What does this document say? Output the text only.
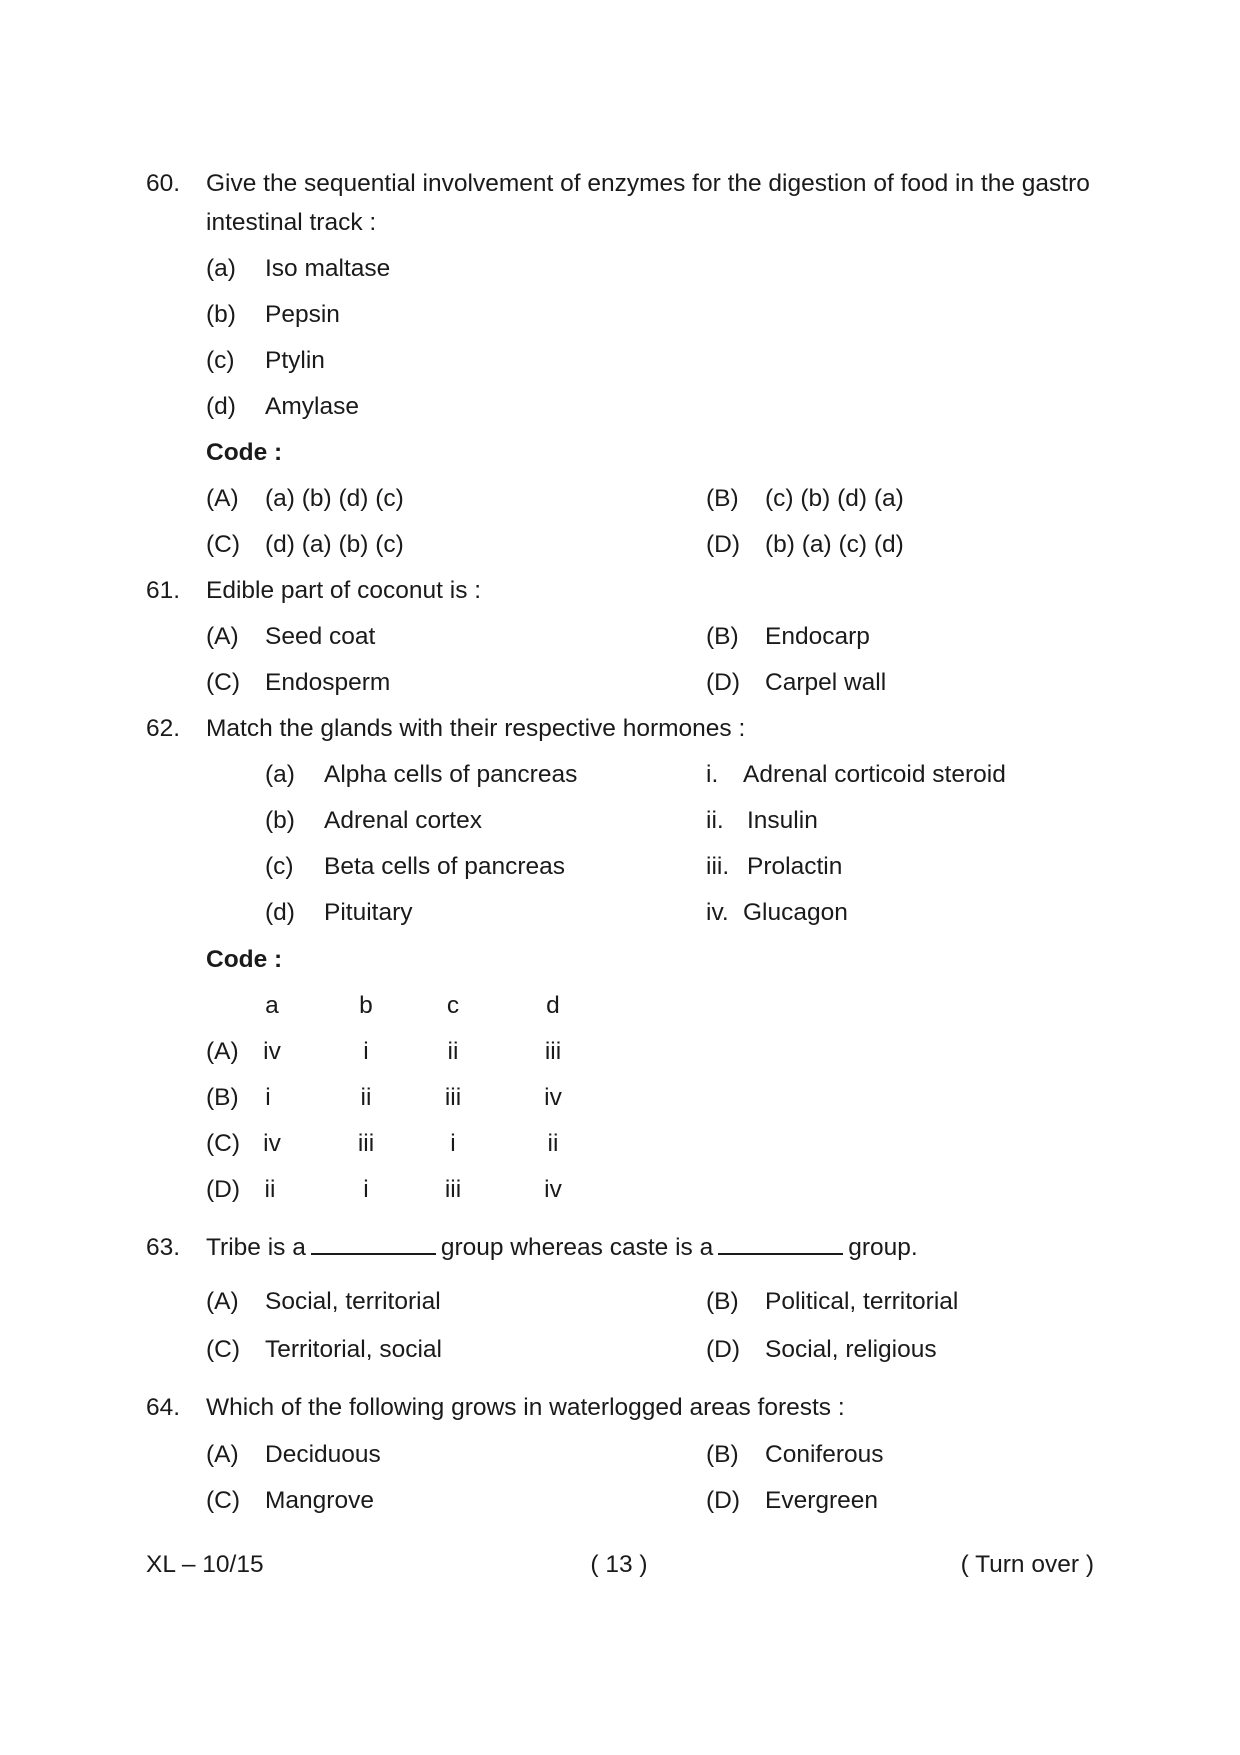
60. Give the sequential involvement of enzymes for the digestion of food in the gastro
intestinal track :
(a) Iso maltase
(b) Pepsin
(c) Ptylin
(d) Amylase
Code :
(A) (a) (b) (d) (c)	(B) (c) (b) (d) (a)
(C) (d) (a) (b) (c)	(D) (b) (a) (c) (d)
61. Edible part of coconut is :
(A) Seed coat	(B) Endocarp
(C) Endosperm	(D) Carpel wall
62. Match the glands with their respective hormones :
(a) Alpha cells of pancreas	i. Adrenal corticoid steroid
(b) Adrenal cortex	ii. Insulin
(c) Beta cells of pancreas	iii. Prolactin
(d) Pituitary	iv. Glucagon
Code :
a	b	c	d
(A) iv	i	ii	iii
(B) i	ii	iii	iv
(C) iv	iii	i	ii
(D) ii	i	iii	iv
63. Tribe is a	group whereas caste is a	group.
(A) Social, territorial	(B) Political, territorial
(C) Territorial, social	(D) Social, religious
64. Which of the following grows in waterlogged areas forests :
(A) Deciduous	(B) Coniferous
(C) Mangrove	(D) Evergreen
XL – 10/15	( 13 )	( Turn over )
